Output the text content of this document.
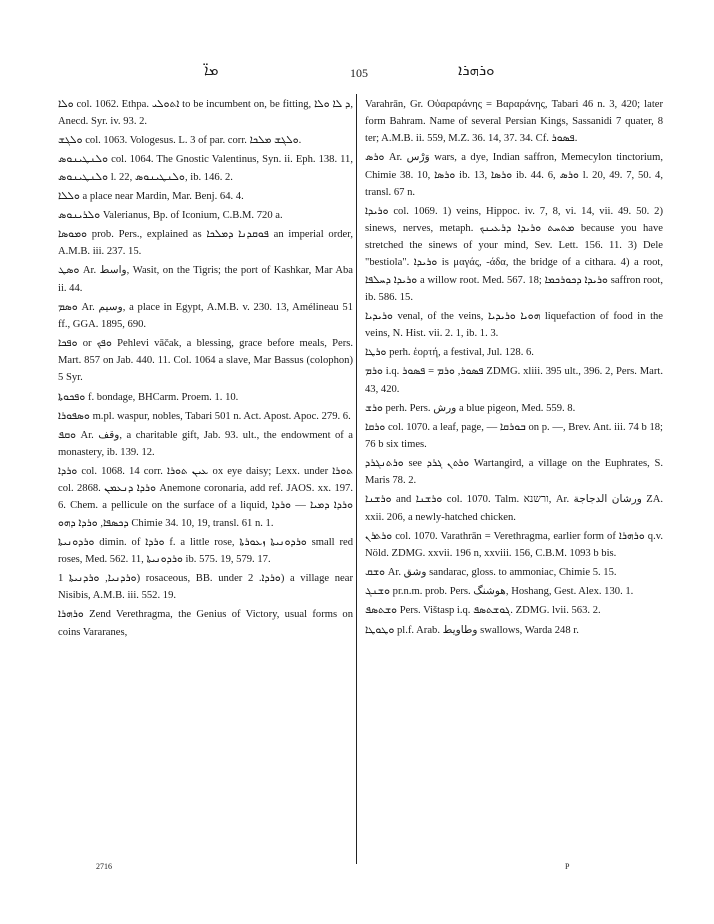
ܡܐ̈	105	ܘܪܗܪܐ
ܘܠܐ col. 1062. Ethpa. ܐܬܘܠܝ to be incumbent on, be fitting, ܕ ܠܐ ܘܠܐ, Anecd. Syr. iv. 93. 2.
ܘܠܓܫ col. 1063. Vologesus. L. 3 of par. corr. ܘܠܓܫ ܡܠܟܐ.
ܘܠܢܛܝܢܘܣ col. 1064. The Gnostic Valentinus, Syn. ii. Eph. 138. 11, ܘܠܢܛܝܢܘܣ l. 22, ܘܠܢܛܝܢܘܣ, ib. 146. 2.
ܘܠܠܐ a place near Mardin, Mar. Benj. 64. 4.
ܘܠܪܝܢܘܣ Valerianus, Bp. of Iconium, C.B.M. 720 a.
ܘܡܘܣܐ prob. Pers., explained as ܦܘܩܕܢܐ ܕܡܠܟܐ an imperial order, A.M.B. iii. 237. 15.
ܘܣܛ Ar. واسط, Wasit, on the Tigris; the port of Kashkar, Mar Aba ii. 44.
ܘܣܡ Ar. وسيم, a place in Egypt, A.M.B. v. 230. 13, Amélineau 51 ff., GGA. 1895, 690.
ܘܦܟܐ or ܘܦܟ Pehlevi vāčak, a blessing, grace before meals, Pers. Mart. 857 on Jab. 440. 11. Col. 1064 a slave, Mar Bassus (colophon) 5 Syr.
ܘܦܟܘܬܐ f. bondage, BHCarm. Proem. 1. 10.
ܘܣܦܘܪܐ m.pl. waspur, nobles, Tabari 501 n. Act. Apost. Apoc. 279. 6.
ܘܩܦ Ar. وقف, a charitable gift, Jab. 93. ult., the endowment of a monastery, ib. 139. 12.
ܘܪܕܐ col. 1068. 14 corr. ܥܝܢ ܬܘܪܐ ox eye daisy; Lexx. under ܬܘܪܐ col. 2868. ܘܪܕܐ ܕܢܥܡܢ Anemone coronaria, add ref. JAOS. xx. 197. 6. Chem. a pellicule on the surface of a liquid, ܘܪܕܐ ܕܡܝܐ — ܘܪܕܐ ܕܟܣܦܐ, ܘܪܕܐ ܕܗܘ Chimie 34. 10, 19, transl. 61 n. 1.
ܘܪܕܘܢܝܬܐ dimin. of ܘܪܕܐ f. a little rose, ܘܪܕܘܢܝܬܐ ܙܥܘܪܬܐ small red roses, Med. 562. 11, ܘܪܕܘܢܝܬܐ ib. 575. 19, 579. 17.
ܘܪܕܢܝܐ, ܘܪܕܢܝܬܐ 1) rosaceous, BB. under ܘܪܕܐ. 2) a village near Nisibis, A.M.B. iii. 552. 19.
ܘܪܗܪܐ Zend Verethragma, the Genius of Victory, usual forms on coins Vararanes,
Varahrān, Gr. Οὐαραράνης = Βαραράνης, Tabari 46 n. 3, 420; later form Bahram. Name of several Persian Kings, Sassanidi 7 quater, 8 ter; A.M.B. ii. 559, M.Z. 36. 14, 37. 34. Cf. ܦܣܘܪ.
ܘܪܣ Ar. وَرْس wars, a dye, Indian saffron, Memecylon tinctorium, Chimie 38. 10, ܘܪܣܐ ib. 13, ܘܪܣܐ ib. 44. 6, ܘܪܣ l. 20, 49. 7, 50. 4, transl. 67 n.
ܘܪܝܕܐ col. 1069. 1) veins, Hippoc. iv. 7, 8, vi. 14, vii. 49. 50. 2) sinews, nerves, metaph. ܡܬܚܬ ܘܪܝܕܐ ܕܪܥܝܢܟ because you have stretched the sinews of your mind, Sev. Lett. 156. 11. 3) Dele "bestiola". ܘܪܝܕܐ is μαγάς, -άδα, the bridge of a cithara. 4) a root, ܘܪܝܕܐ ܕܚܠܦܐ a willow root. Med. 567. 18; ܘܪܝܕܐ ܕܟܘܪܟܡܐ saffron root, ib. 586. 15.
ܘܪܝܕܝܐ venal, of the veins, ܗܘܝܐ ܘܪܝܕܝܐ liquefaction of food in the veins, N. Hist. vii. 2. 1, ib. 1. 3.
ܘܪܛܐ perh. ἑορτή, a festival, Jul. 128. 6.
ܘܪܡ i.q. ܦܣܘܪ, ܘܪܡ = ܦܣܘܪ ZDMG. xliii. 395 ult., 396. 2, Pers. Mart. 43, 420.
ܘܪܫ perh. Pers. ورش a blue pigeon, Med. 559. 8.
ܘܪܩܐ col. 1070. a leaf, page, — ܒܘܪܩܐ on p. —, Brev. Ant. iii. 74 b 18; 76 b six times.
ܘܪܬܢܓܪܕ see ܘܪܬܢ ܓܪܕ Wartangird, a village on the Euphrates, S. Maris 78. 2.
ܘܪܫܢܐ and ܘܪܫܢܐ col. 1070. Talm. ורשנא, Ar. ورشان الدجاجة ZA. xxii. 206, a newly-hatched chicken.
ܘܪܬܪܢ col. 1070. Varathrān = Verethragma, earlier form of ܘܪܗܪܐ q.v. Nöld. ZDMG. xxvii. 196 n, xxviii. 156, C.B.M. 1093 b bis.
ܘܫܩ Ar. وشق sandarac, gloss. to ammoniac, Chimie 5. 15.
ܘܫܢܓ pr.n.m. prob. Pers. هوشنگ, Hoshang, Gest. Alex. 130. 1.
ܘܫܬܣܦ Pers. Vištasp i.q. ܓܘܫܬܣܦ. ZDMG. lvii. 563. 2.
ܘܛܘܛܐ pl.f. Arab. وطاويط swallows, Warda 248 r.
2716	P
